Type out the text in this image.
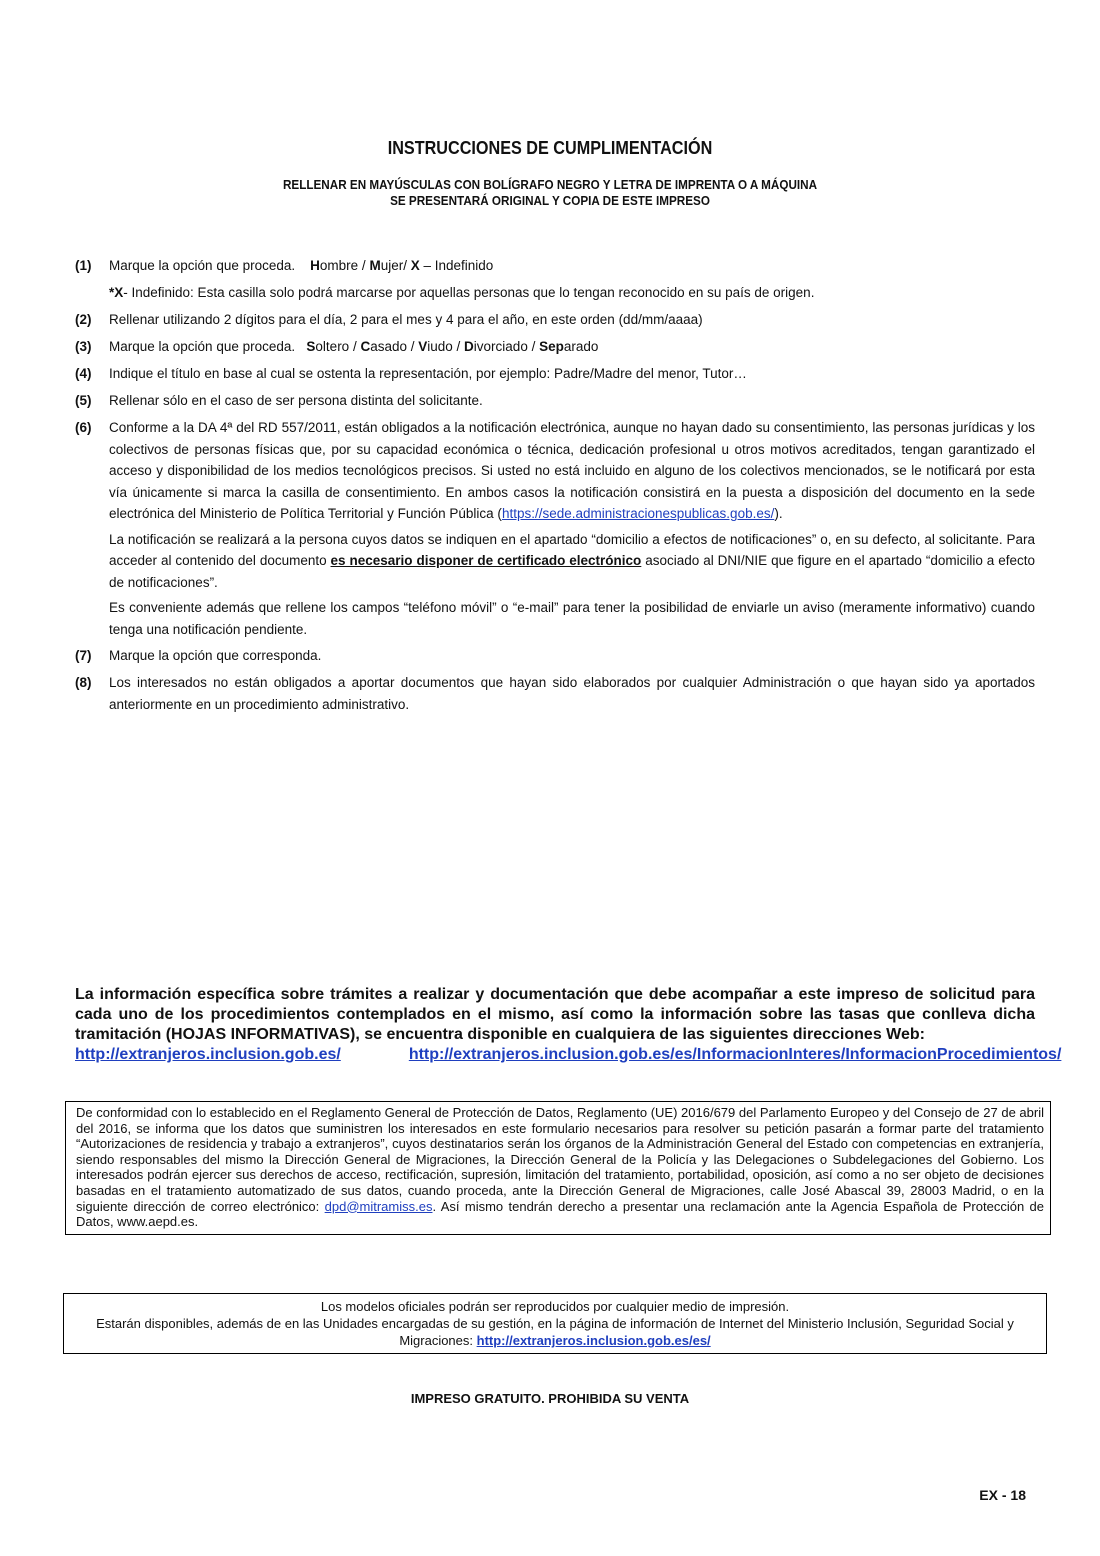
INSTRUCCIONES DE CUMPLIMENTACIÓN
RELLENAR EN MAYÚSCULAS CON BOLÍGRAFO NEGRO Y LETRA DE IMPRENTA O A MÁQUINA
SE PRESENTARÁ ORIGINAL Y COPIA DE ESTE IMPRESO
(1) Marque la opción que proceda. Hombre / Mujer/ X – Indefinido
*X- Indefinido: Esta casilla solo podrá marcarse por aquellas personas que lo tengan reconocido en su país de origen.
(2) Rellenar utilizando 2 dígitos para el día, 2 para el mes y 4 para el año, en este orden (dd/mm/aaaa)
(3) Marque la opción que proceda. Soltero / Casado / Viudo / Divorciado / Separado
(4) Indique el título en base al cual se ostenta la representación, por ejemplo: Padre/Madre del menor, Tutor…
(5) Rellenar sólo en el caso de ser persona distinta del solicitante.
(6) Conforme a la DA 4ª del RD 557/2011, están obligados a la notificación electrónica, aunque no hayan dado su consentimiento, las personas jurídicas y los colectivos de personas físicas que, por su capacidad económica o técnica, dedicación profesional u otros motivos acreditados, tengan garantizado el acceso y disponibilidad de los medios tecnológicos precisos. Si usted no está incluido en alguno de los colectivos mencionados, se le notificará por esta vía únicamente si marca la casilla de consentimiento. En ambos casos la notificación consistirá en la puesta a disposición del documento en la sede electrónica del Ministerio de Política Territorial y Función Pública (https://sede.administracionespublicas.gob.es/).
La notificación se realizará a la persona cuyos datos se indiquen en el apartado “domicilio a efectos de notificaciones” o, en su defecto, al solicitante. Para acceder al contenido del documento es necesario disponer de certificado electrónico asociado al DNI/NIE que figure en el apartado “domicilio a efecto de notificaciones”.
Es conveniente además que rellene los campos “teléfono móvil” o “e-mail” para tener la posibilidad de enviarle un aviso (meramente informativo) cuando tenga una notificación pendiente.
(7) Marque la opción que corresponda.
(8) Los interesados no están obligados a aportar documentos que hayan sido elaborados por cualquier Administración o que hayan sido ya aportados anteriormente en un procedimiento administrativo.
La información específica sobre trámites a realizar y documentación que debe acompañar a este impreso de solicitud para cada uno de los procedimientos contemplados en el mismo, así como la información sobre las tasas que conlleva dicha tramitación (HOJAS INFORMATIVAS), se encuentra disponible en cualquiera de las siguientes direcciones Web:
http://extranjeros.inclusion.gob.es/	http://extranjeros.inclusion.gob.es/es/InformacionInteres/InformacionProcedimientos/
De conformidad con lo establecido en el Reglamento General de Protección de Datos, Reglamento (UE) 2016/679 del Parlamento Europeo y del Consejo de 27 de abril del 2016, se informa que los datos que suministren los interesados en este formulario necesarios para resolver su petición pasarán a formar parte del tratamiento “Autorizaciones de residencia y trabajo a extranjeros”, cuyos destinatarios serán los órganos de la Administración General del Estado con competencias en extranjería, siendo responsables del mismo la Dirección General de Migraciones, la Dirección General de la Policía y las Delegaciones o Subdelegaciones del Gobierno. Los interesados podrán ejercer sus derechos de acceso, rectificación, supresión, limitación del tratamiento, portabilidad, oposición, así como a no ser objeto de decisiones basadas en el tratamiento automatizado de sus datos, cuando proceda, ante la Dirección General de Migraciones, calle José Abascal 39, 28003 Madrid, o en la siguiente dirección de correo electrónico: dpd@mitramiss.es. Así mismo tendrán derecho a presentar una reclamación ante la Agencia Española de Protección de Datos, www.aepd.es.
Los modelos oficiales podrán ser reproducidos por cualquier medio de impresión.
Estarán disponibles, además de en las Unidades encargadas de su gestión, en la página de información de Internet del Ministerio Inclusión, Seguridad Social y Migraciones: http://extranjeros.inclusion.gob.es/es/
IMPRESO GRATUITO. PROHIBIDA SU VENTA
EX - 18
